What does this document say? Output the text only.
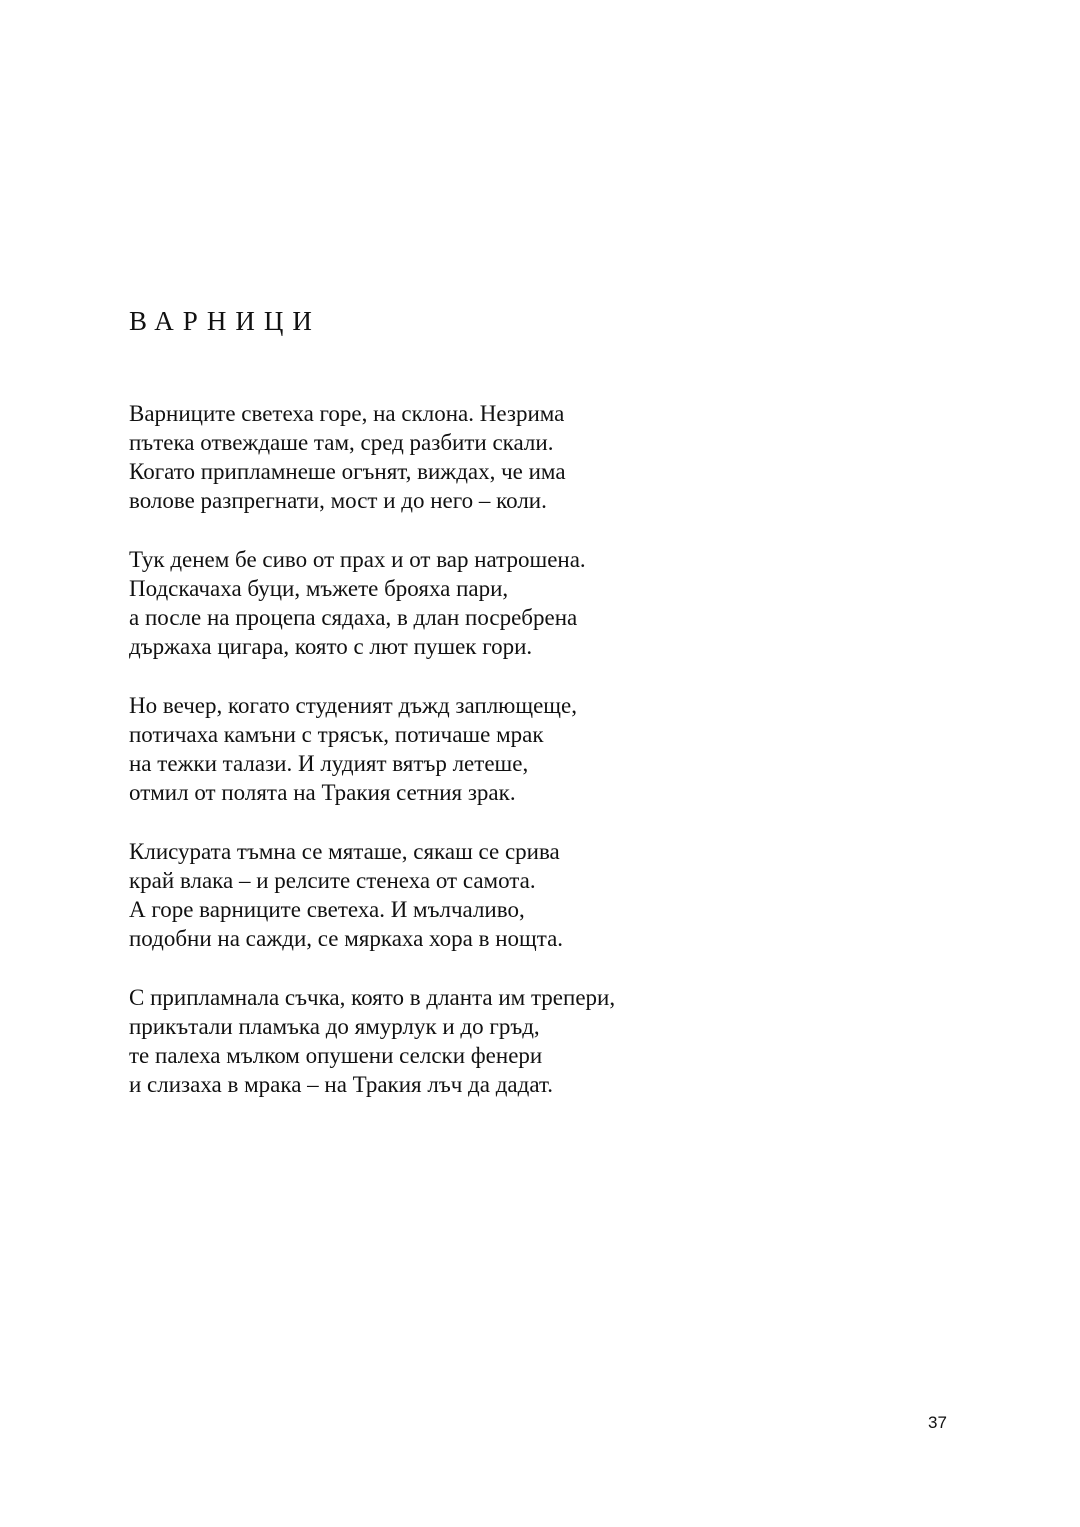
ВАРНИЦИ
Варниците светеха горе, на склона. Незрима
пътека отвеждаше там, сред разбити скали.
Когато припламнеше огънят, виждах, че има
волове разпрегнати, мост и до него – коли.
Тук денем бе сиво от прах и от вар натрошена.
Подскачаха буци, мъжете брояха пари,
а после на процепа сядаха, в длан посребрена
държаха цигара, която с лют пушек гори.
Но вечер, когато студеният дъжд заплющеще,
потичаха камъни с трясък, потичаше мрак
на тежки талази. И лудият вятър летеше,
отмил от полята на Тракия сетния зрак.
Клисурата тъмна се мяташе, сякаш се срива
край влака – и релсите стенеха от самота.
А горе варниците светеха. И мълчаливо,
подобни на сажди, се мяркаха хора в нощта.
С припламнала съчка, която в дланта им трепери,
прикътали пламъка до ямурлук и до гръд,
те палеха мълком опушени селски фенери
и слизаха в мрака – на Тракия лъч да дадат.
37
